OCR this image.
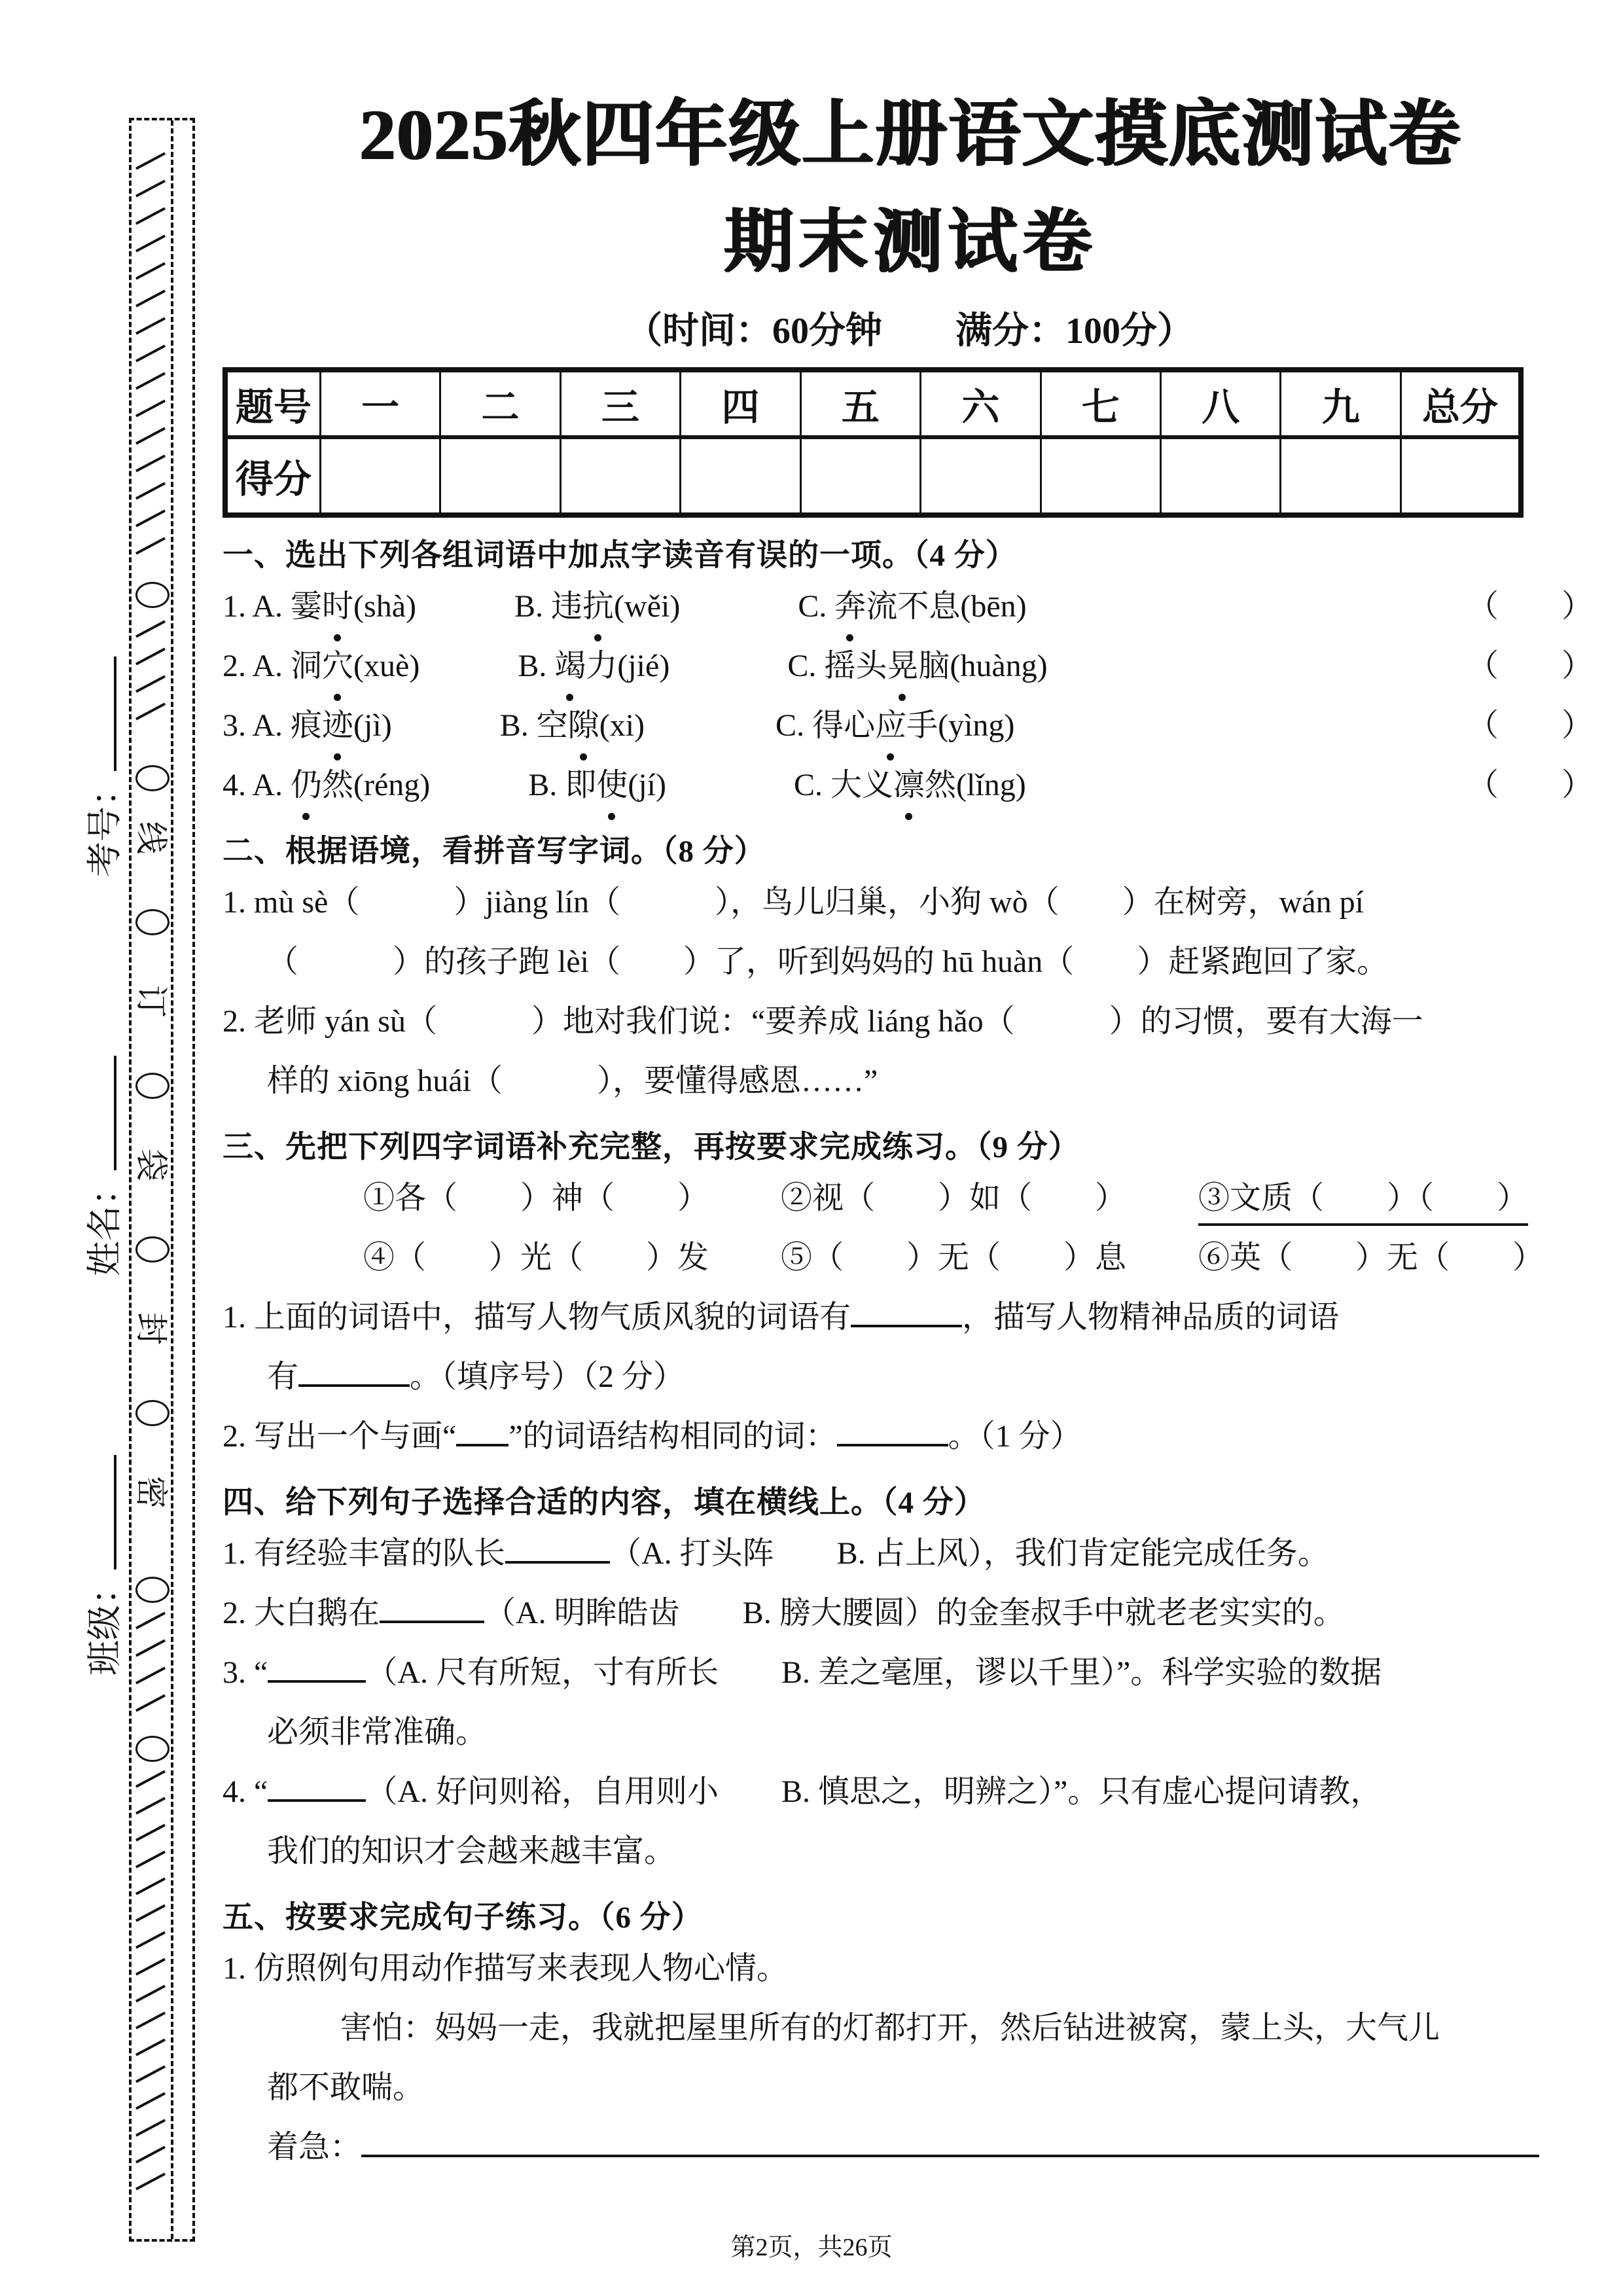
线
订
袋
封
密
考号：
姓名：
班级：
2025秋四年级上册语文摸底测试卷
期末测试卷
（时间：60分钟　　满分：100分）
题号	一	二	三	四	五	六	七	八	九	总分
得分										
一、选出下列各组词语中加点字读音有误的一项。（4 分）
1. A. 霎时(shà)	B. 违抗(wěi)	C. 奔流不息(bēn)	（　　）
2. A. 洞穴(xuè)	B. 竭力(jié)	C. 摇头晃脑(huàng)	（　　）
3. A. 痕迹(jì)	B. 空隙(xi)	C. 得心应手(yìng)	（　　）
4. A. 仍然(réng)	B. 即使(jí)	C. 大义凛然(lǐng)	（　　）
二、根据语境，看拼音写字词。（8 分）
1. mù sè（　　　）jiàng lín（　　　），鸟儿归巢，小狗 wò（　　）在树旁，wán pí
（　　　）的孩子跑 lèi（　　）了，听到妈妈的 hū huàn（　　）赶紧跑回了家。
2. 老师 yán sù（　　　）地对我们说：“要养成 liáng hǎo（　　　）的习惯，要有大海一
样的 xiōng huái（　　　），要懂得感恩……”
三、先把下列四字词语补充完整，再按要求完成练习。（9 分）
①各（　　）神（　　） ②视（　　）如（　　） ③文质（　　）（　　）
④（　　）光（　　）发 ⑤（　　）无（　　）息 ⑥英（　　）无（　　）
1. 上面的词语中，描写人物气质风貌的词语有	，描写人物精神品质的词语
有	。（填序号）（2 分）
2. 写出一个与画“ ”的词语结构相同的词：	。（1 分）
四、给下列句子选择合适的内容，填在横线上。（4 分）
1. 有经验丰富的队长	（A. 打头阵　　B. 占上风），我们肯定能完成任务。
2. 大白鹅在	（A. 明眸皓齿　　B. 膀大腰圆）的金奎叔手中就老老实实的。
3. “	（A. 尺有所短，寸有所长　　B. 差之毫厘，谬以千里）”。科学实验的数据
必须非常准确。
4. “	（A. 好问则裕，自用则小　　B. 慎思之，明辨之）”。只有虚心提问请教，
我们的知识才会越来越丰富。
五、按要求完成句子练习。（6 分）
1. 仿照例句用动作描写来表现人物心情。
害怕：妈妈一走，我就把屋里所有的灯都打开，然后钻进被窝，蒙上头，大气儿
都不敢喘。
着急：
第2页，共26页
